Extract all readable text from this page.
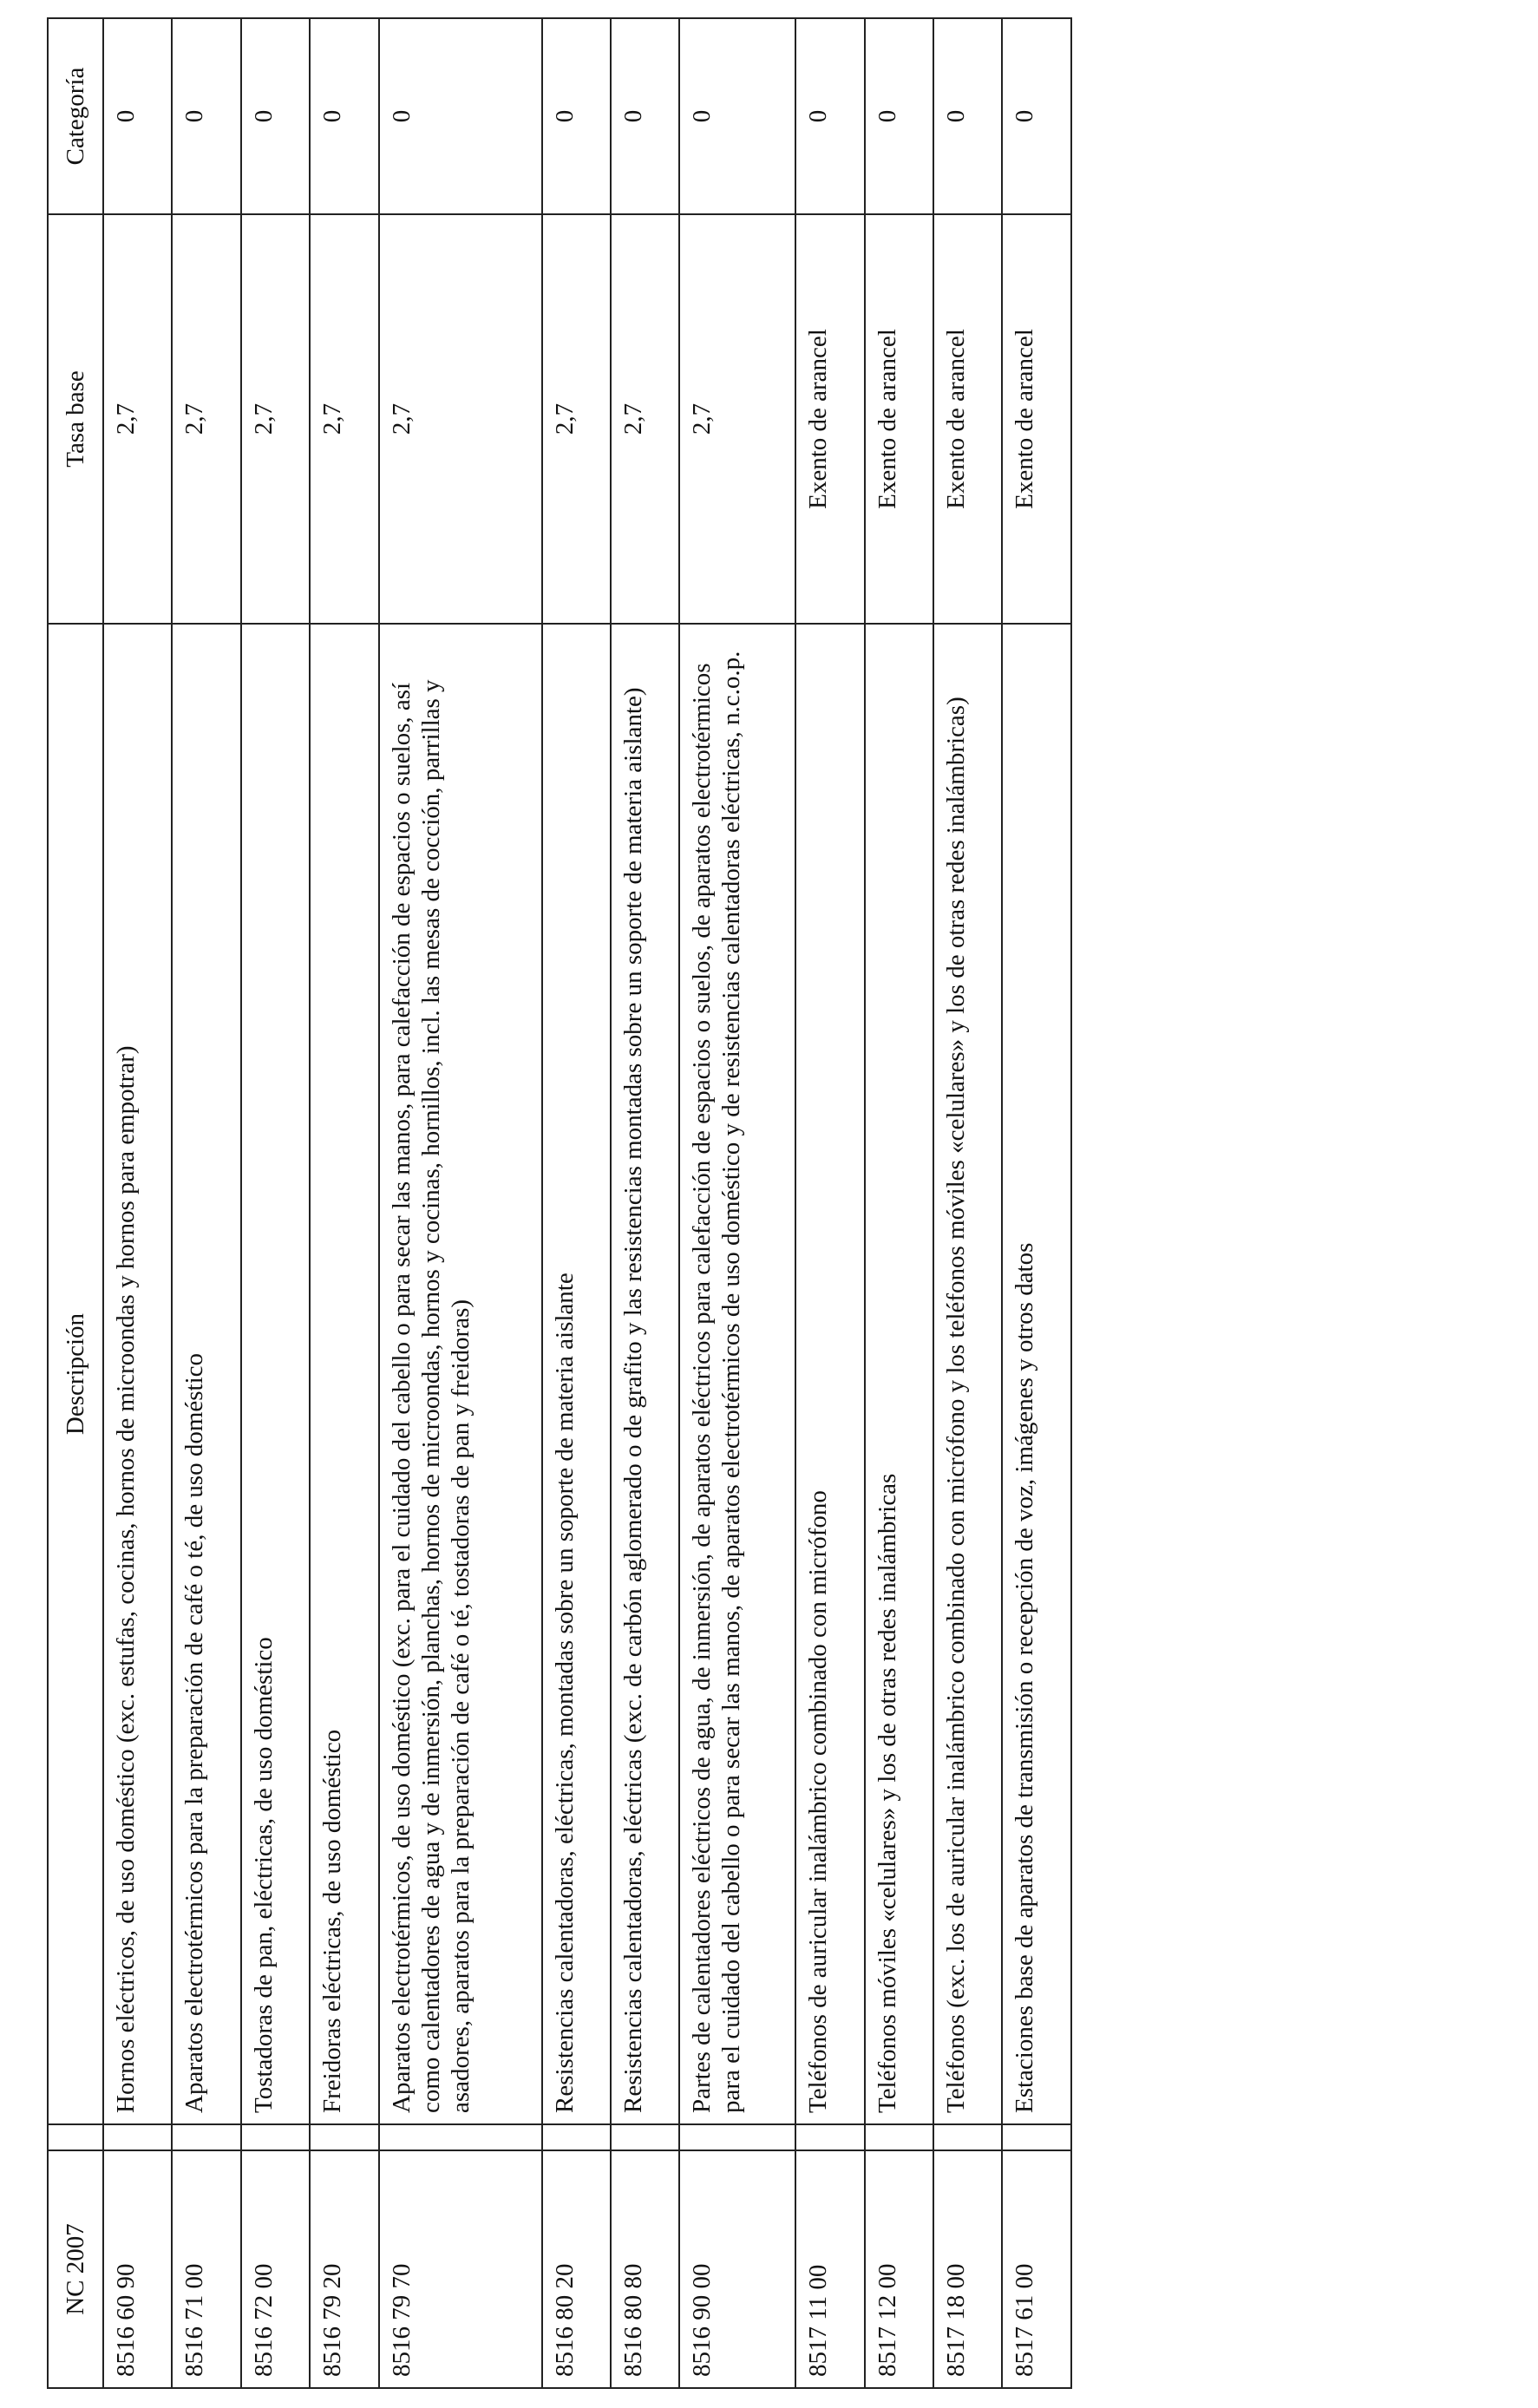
NC 2007		Descripción	Tasa base	Categoría
8516 60 90		Hornos eléctricos, de uso doméstico (exc. estufas, cocinas, hornos de microondas y hornos para empotrar)	2,7	0
8516 71 00		Aparatos electrotérmicos para la preparación de café o té, de uso doméstico	2,7	0
8516 72 00		Tostadoras de pan, eléctricas, de uso doméstico	2,7	0
8516 79 20		Freidoras eléctricas, de uso doméstico	2,7	0
8516 79 70		Aparatos electrotérmicos, de uso doméstico (exc. para el cuidado del cabello o para secar las manos, para calefacción de espacios o suelos, así como calentadores de agua y de inmersión, planchas, hornos de microondas, hornos y cocinas, hornillos, incl. las mesas de cocción, parrillas y asadores, aparatos para la preparación de café o té, tostadoras de pan y freidoras)	2,7	0
8516 80 20		Resistencias calentadoras, eléctricas, montadas sobre un soporte de materia aislante	2,7	0
8516 80 80		Resistencias calentadoras, eléctricas (exc. de carbón aglomerado o de grafito y las resistencias montadas sobre un soporte de materia aislante)	2,7	0
8516 90 00		Partes de calentadores eléctricos de agua, de inmersión, de aparatos eléctricos para calefacción de espacios o suelos, de aparatos electrotérmicos para el cuidado del cabello o para secar las manos, de aparatos electrotérmicos de uso doméstico y de resistencias calentadoras eléctricas, n.c.o.p.	2,7	0
8517 11 00		Teléfonos de auricular inalámbrico combinado con micrófono	Exento de arancel	0
8517 12 00		Teléfonos móviles «celulares» y los de otras redes inalámbricas	Exento de arancel	0
8517 18 00		Teléfonos (exc. los de auricular inalámbrico combinado con micrófono y los teléfonos móviles «celulares» y los de otras redes inalámbricas)	Exento de arancel	0
8517 61 00		Estaciones base de aparatos de transmisión o recepción de voz, imágenes y otros datos	Exento de arancel	0
